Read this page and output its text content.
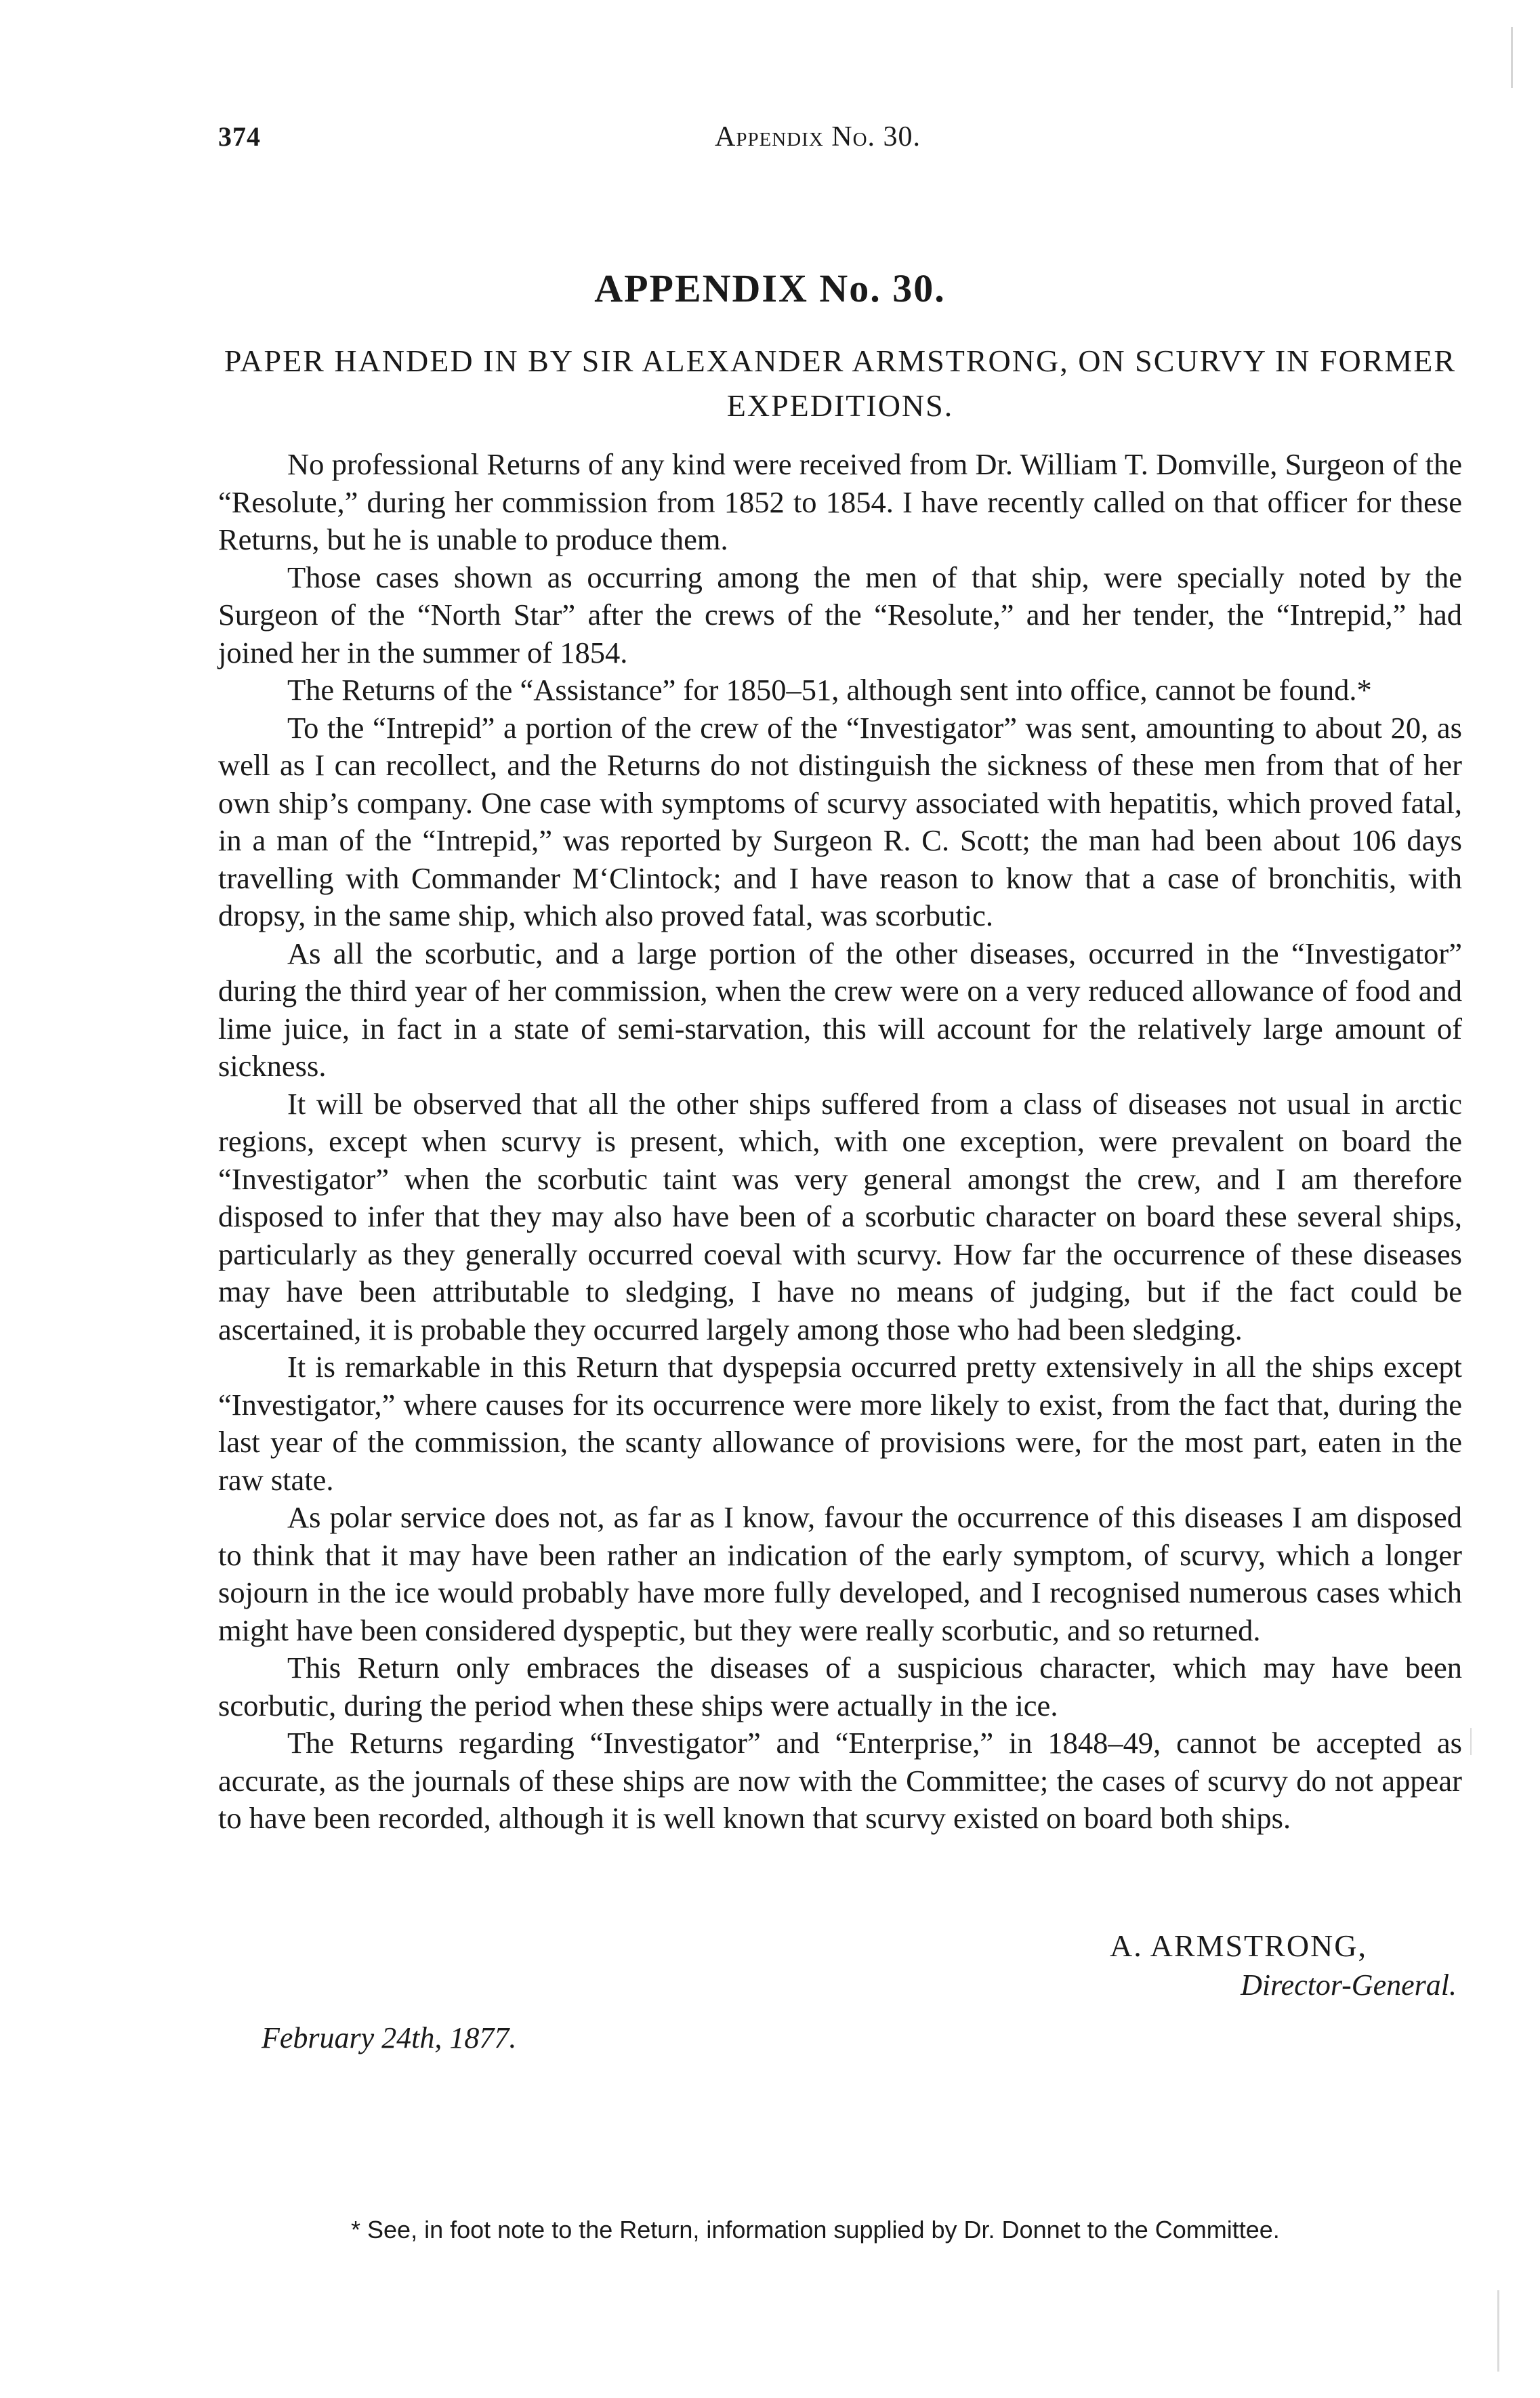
374	Appendix No. 30.
APPENDIX No. 30.
PAPER HANDED IN BY SIR ALEXANDER ARMSTRONG, ON SCURVY IN FORMER EXPEDITIONS.

No professional Returns of any kind were received from Dr. William T. Domville, Surgeon of the “Resolute,” during her commission from 1852 to 1854. I have recently called on that officer for these Returns, but he is unable to produce them.

Those cases shown as occurring among the men of that ship, were specially noted by the Surgeon of the “North Star” after the crews of the “Resolute,” and her tender, the “Intrepid,” had joined her in the summer of 1854.

The Returns of the “Assistance” for 1850–51, although sent into office, cannot be found.*

To the “Intrepid” a portion of the crew of the “Investigator” was sent, amounting to about 20, as well as I can recollect, and the Returns do not distinguish the sickness of these men from that of her own ship’s company. One case with symptoms of scurvy associated with hepatitis, which proved fatal, in a man of the “Intrepid,” was reported by Surgeon R. C. Scott; the man had been about 106 days travelling with Commander M‘Clintock; and I have reason to know that a case of bronchitis, with dropsy, in the same ship, which also proved fatal, was scorbutic.

As all the scorbutic, and a large portion of the other diseases, occurred in the “Investigator” during the third year of her commission, when the crew were on a very reduced allowance of food and lime juice, in fact in a state of semi-starvation, this will account for the relatively large amount of sickness.

It will be observed that all the other ships suffered from a class of diseases not usual in arctic regions, except when scurvy is present, which, with one exception, were prevalent on board the “Investigator” when the scorbutic taint was very general amongst the crew, and I am therefore disposed to infer that they may also have been of a scorbutic character on board these several ships, particularly as they generally occurred coeval with scurvy. How far the occurrence of these diseases may have been attributable to sledging, I have no means of judging, but if the fact could be ascertained, it is probable they occurred largely among those who had been sledging.

It is remarkable in this Return that dyspepsia occurred pretty extensively in all the ships except “Investigator,” where causes for its occurrence were more likely to exist, from the fact that, during the last year of the commission, the scanty allowance of provisions were, for the most part, eaten in the raw state.

As polar service does not, as far as I know, favour the occurrence of this diseases I am disposed to think that it may have been rather an indication of the early symptom, of scurvy, which a longer sojourn in the ice would probably have more fully developed, and I recognised numerous cases which might have been considered dyspeptic, but they were really scorbutic, and so returned.

This Return only embraces the diseases of a suspicious character, which may have been scorbutic, during the period when these ships were actually in the ice.

The Returns regarding “Investigator” and “Enterprise,” in 1848–49, cannot be accepted as accurate, as the journals of these ships are now with the Committee; the cases of scurvy do not appear to have been recorded, although it is well known that scurvy existed on board both ships.

A. ARMSTRONG,
Director-General.
February 24th, 1877.
* See, in foot note to the Return, information supplied by Dr. Donnet to the Committee.
